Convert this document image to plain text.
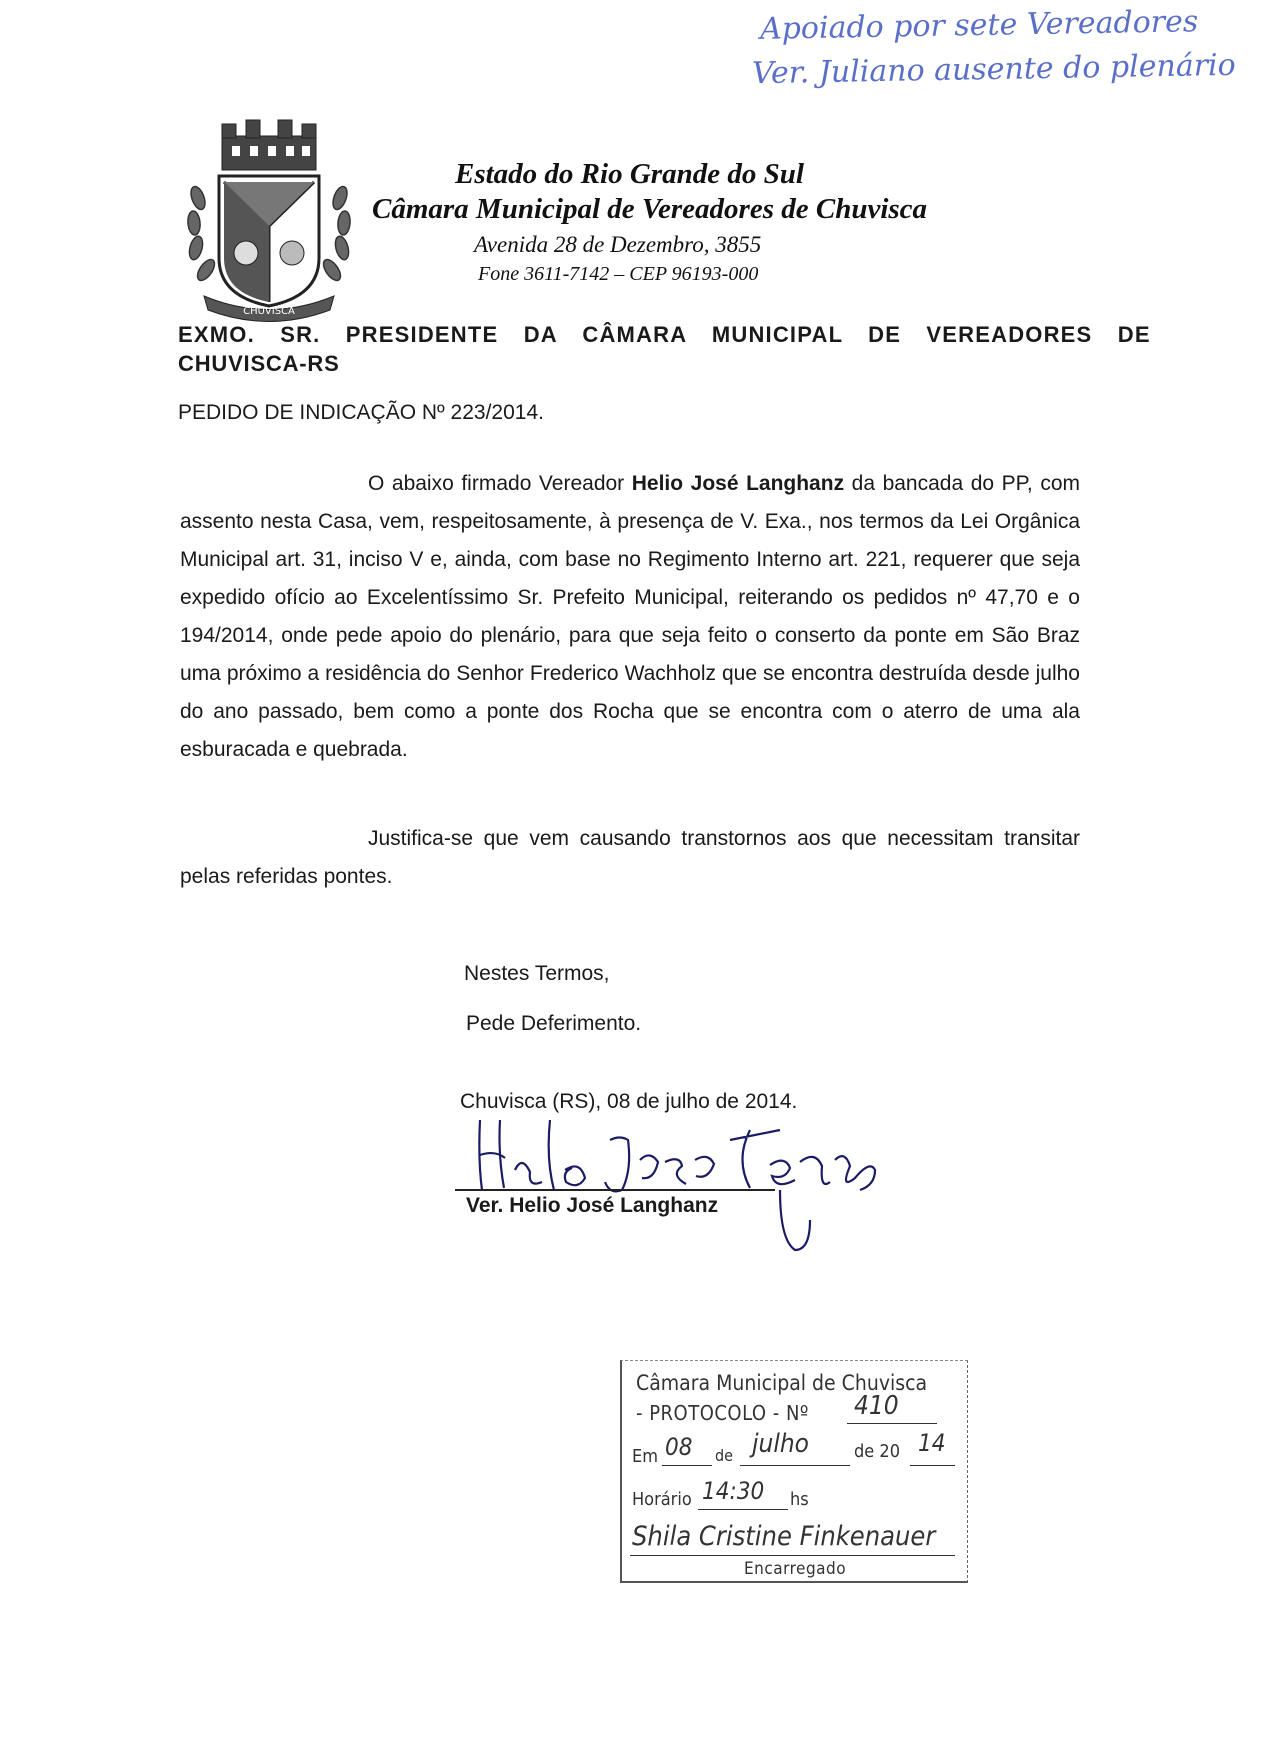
Apoiado por sete Vereadores
Ver. Juliano ausente do plenário
CHUVISCA
Estado do Rio Grande do Sul
Câmara Municipal de Vereadores de Chuvisca
Avenida 28 de Dezembro, 3855
Fone 3611-7142 – CEP 96193-000
EXMO. SR. PRESIDENTE DA CÂMARA MUNICIPAL DE VEREADORES DE
CHUVISCA-RS
PEDIDO DE INDICAÇÃO Nº 223/2014.
O abaixo firmado Vereador Helio José Langhanz da bancada do PP, com assento nesta Casa, vem, respeitosamente, à presença de V. Exa., nos termos da Lei Orgânica Municipal art. 31, inciso V e, ainda, com base no Regimento Interno art. 221, requerer que seja expedido ofício ao Excelentíssimo Sr. Prefeito Municipal, reiterando os pedidos nº 47,70 e o 194/2014, onde pede apoio do plenário, para que seja feito o conserto da ponte em São Braz uma próximo a residência do Senhor Frederico Wachholz que se encontra destruída desde julho do ano passado, bem como a ponte dos Rocha que se encontra com o aterro de uma ala esburacada e quebrada.
Justifica-se que vem causando transtornos aos que necessitam transitar pelas referidas pontes.
Nestes Termos,
Pede Deferimento.
Chuvisca (RS), 08 de julho de 2014.
Ver. Helio José Langhanz
Câmara Municipal de Chuvisca
- PROTOCOLO - Nº 410
Em 08 de julho	de 20 14
Horário 14:30 hs
Shila Cristine Finkenauer
Encarregado
